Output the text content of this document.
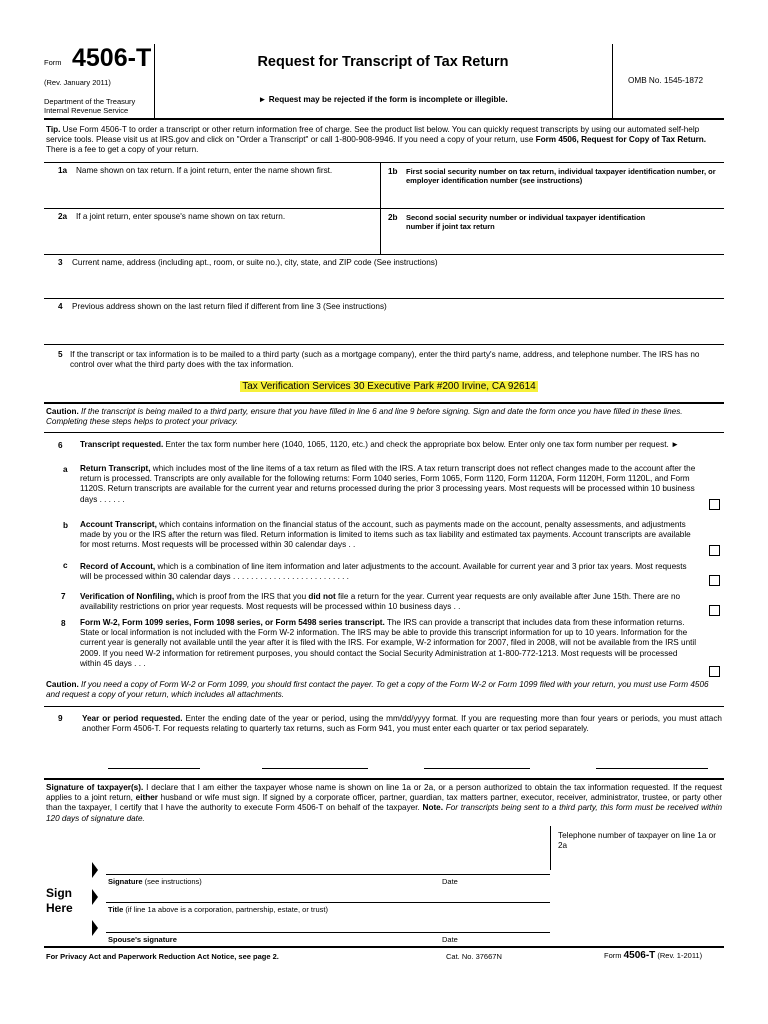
Form 4506-T
(Rev. January 2011)
Department of the Treasury
Internal Revenue Service
Request for Transcript of Tax Return
► Request may be rejected if the form is incomplete or illegible.
OMB No. 1545-1872
Tip. Use Form 4506-T to order a transcript or other return information free of charge. See the product list below. You can quickly request transcripts by using our automated self-help service tools. Please visit us at IRS.gov and click on "Order a Transcript" or call 1-800-908-9946. If you need a copy of your return, use Form 4506, Request for Copy of Tax Return. There is a fee to get a copy of your return.
1a Name shown on tax return. If a joint return, enter the name shown first.	1b First social security number on tax return, individual taxpayer identification number, or employer identification number (see instructions)
2a If a joint return, enter spouse's name shown on tax return.	2b Second social security number or individual taxpayer identification number if joint tax return
3 Current name, address (including apt., room, or suite no.), city, state, and ZIP code (See instructions)
4 Previous address shown on the last return filed if different from line 3 (See instructions)
5 If the transcript or tax information is to be mailed to a third party (such as a mortgage company), enter the third party's name, address, and telephone number. The IRS has no control over what the third party does with the tax information.
Tax Verification Services 30 Executive Park #200 Irvine, CA 92614
Caution. If the transcript is being mailed to a third party, ensure that you have filled in line 6 and line 9 before signing. Sign and date the form once you have filled in these lines. Completing these steps helps to protect your privacy.
6 Transcript requested. Enter the tax form number here (1040, 1065, 1120, etc.) and check the appropriate box below. Enter only one tax form number per request. ►
a Return Transcript, which includes most of the line items of a tax return as filed with the IRS. A tax return transcript does not reflect changes made to the account after the return is processed. Transcripts are only available for the following returns: Form 1040 series, Form 1065, Form 1120, Form 1120A, Form 1120H, Form 1120L, and Form 1120S. Return transcripts are available for the current year and returns processed during the prior 3 processing years. Most requests will be processed within 10 business days . . . . . .
b Account Transcript, which contains information on the financial status of the account, such as payments made on the account, penalty assessments, and adjustments made by you or the IRS after the return was filed. Return information is limited to items such as tax liability and estimated tax payments. Account transcripts are available for most returns. Most requests will be processed within 30 calendar days . .
c Record of Account, which is a combination of line item information and later adjustments to the account. Available for current year and 3 prior tax years. Most requests will be processed within 30 calendar days . . . . . . . . . . . . . . . . . . . . . . . . . .
7 Verification of Nonfiling, which is proof from the IRS that you did not file a return for the year. Current year requests are only available after June 15th. There are no availability restrictions on prior year requests. Most requests will be processed within 10 business days . .
8 Form W-2, Form 1099 series, Form 1098 series, or Form 5498 series transcript. The IRS can provide a transcript that includes data from these information returns. State or local information is not included with the Form W-2 information. The IRS may be able to provide this transcript information for up to 10 years. Information for the current year is generally not available until the year after it is filed with the IRS. For example, W-2 information for 2007, filed in 2008, will not be available from the IRS until 2009. If you need W-2 information for retirement purposes, you should contact the Social Security Administration at 1-800-772-1213. Most requests will be processed within 45 days . . .
Caution. If you need a copy of Form W-2 or Form 1099, you should first contact the payer. To get a copy of the Form W-2 or Form 1099 filed with your return, you must use Form 4506 and request a copy of your return, which includes all attachments.
9 Year or period requested. Enter the ending date of the year or period, using the mm/dd/yyyy format. If you are requesting more than four years or periods, you must attach another Form 4506-T. For requests relating to quarterly tax returns, such as Form 941, you must enter each quarter or tax period separately.
Signature of taxpayer(s). I declare that I am either the taxpayer whose name is shown on line 1a or 2a, or a person authorized to obtain the tax information requested. If the request applies to a joint return, either husband or wife must sign. If signed by a corporate officer, partner, guardian, tax matters partner, executor, receiver, administrator, trustee, or party other than the taxpayer, I certify that I have the authority to execute Form 4506-T on behalf of the taxpayer. Note. For transcripts being sent to a third party, this form must be received within 120 days of signature date.
Telephone number of taxpayer on line 1a or 2a
Sign Here
Signature (see instructions)	Date
Title (if line 1a above is a corporation, partnership, estate, or trust)
Spouse's signature	Date
For Privacy Act and Paperwork Reduction Act Notice, see page 2.	Cat. No. 37667N	Form 4506-T (Rev. 1-2011)
